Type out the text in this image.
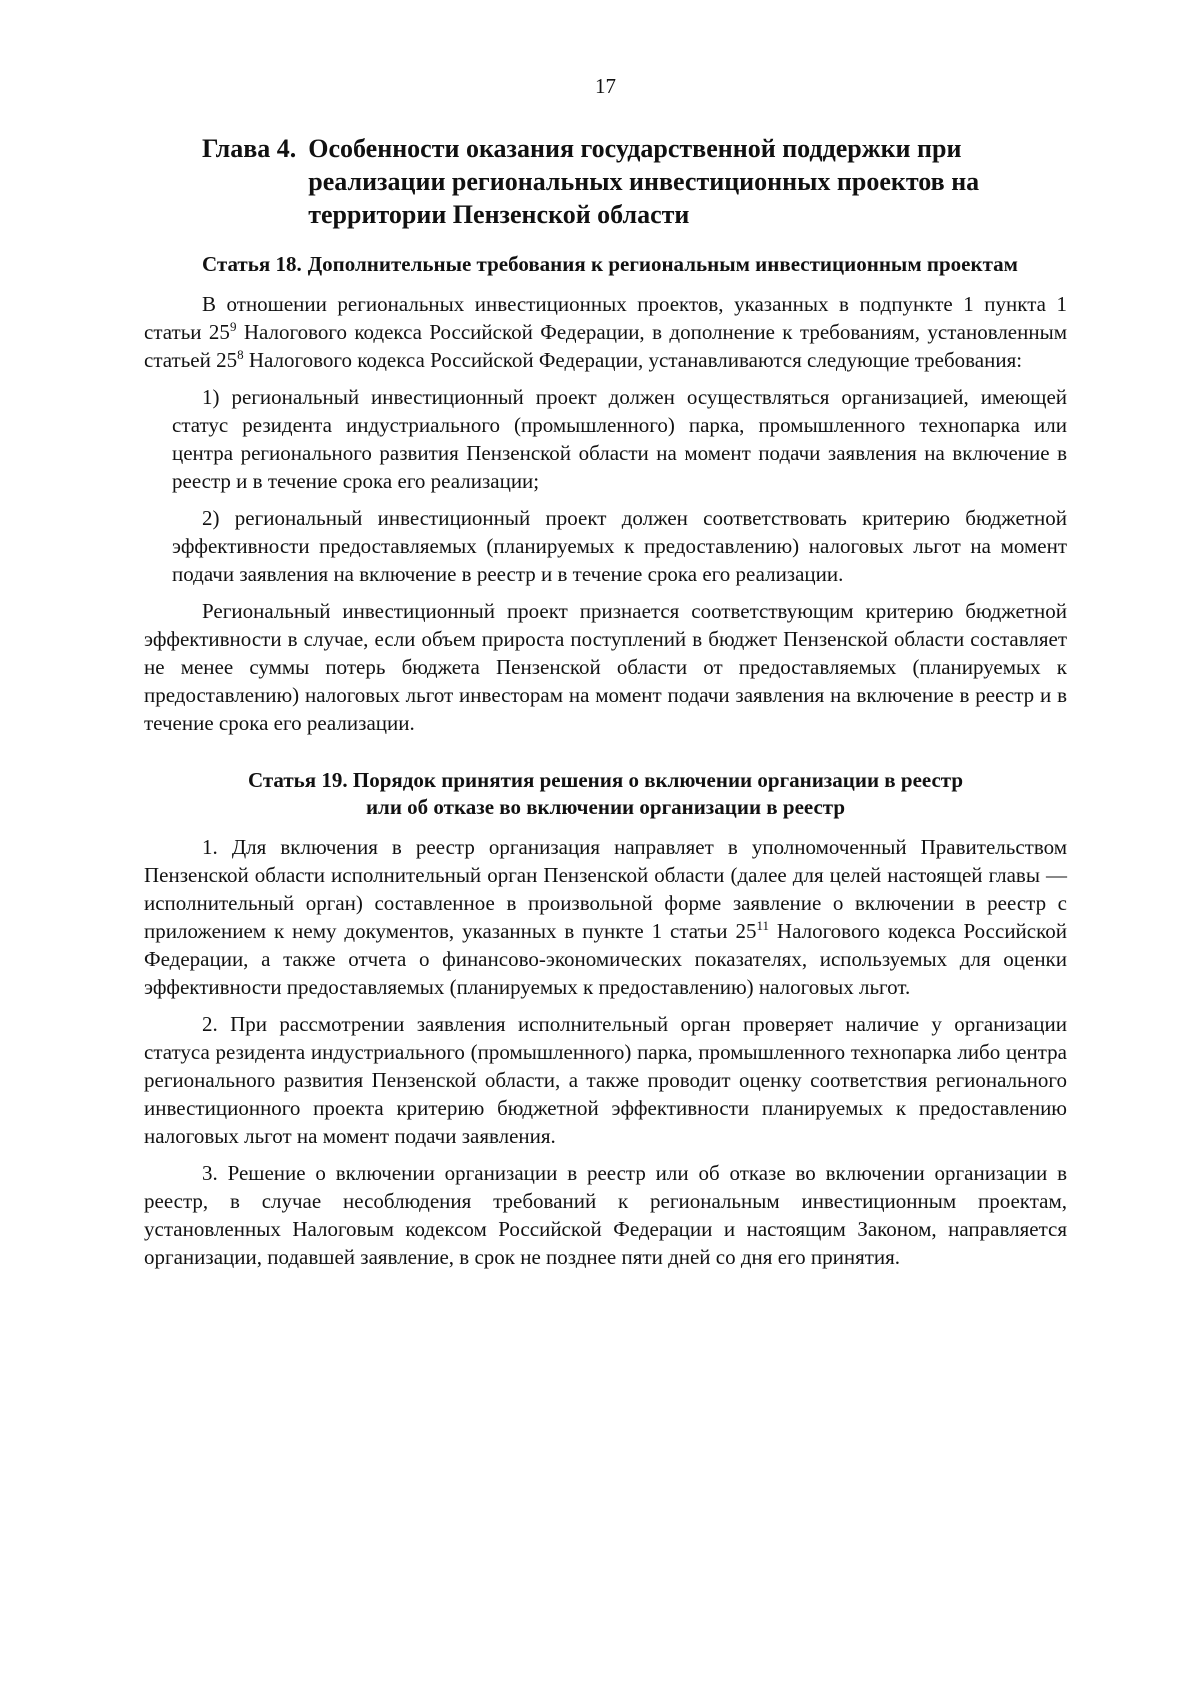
17
Глава 4. Особенности оказания государственной поддержки при реализации региональных инвестиционных проектов на территории Пензенской области
Статья 18. Дополнительные требования к региональным инвестиционным проектам

В отношении региональных инвестиционных проектов, указанных в подпункте 1 пункта 1 статьи $25^9$ Налогового кодекса Российской Федерации, в дополнение к требованиям, установленным статьей $25^8$ Налогового кодекса Российской Федерации, устанавливаются следующие требования:

1) региональный инвестиционный проект должен осуществляться организацией, имеющей статус резидента индустриального (промышленного) парка, промышленного технопарка или центра регионального развития Пензенской области на момент подачи заявления на включение в реестр и в течение срока его реализации;

2) региональный инвестиционный проект должен соответствовать критерию бюджетной эффективности предоставляемых (планируемых к предоставлению) налоговых льгот на момент подачи заявления на включение в реестр и в течение срока его реализации.

Региональный инвестиционный проект признается соответствующим критерию бюджетной эффективности в случае, если объем прироста поступлений в бюджет Пензенской области составляет не менее суммы потерь бюджета Пензенской области от предоставляемых (планируемых к предоставлению) налоговых льгот инвесторам на момент подачи заявления на включение в реестр и в течение срока его реализации.

Статья 19. Порядок принятия решения о включении организации в реестр
или об отказе во включении организации в реестр

1. Для включения в реестр организация направляет в уполномоченный Правительством Пензенской области исполнительный орган Пензенской области (далее для целей настоящей главы — исполнительный орган) составленное в произвольной форме заявление о включении в реестр с приложением к нему документов, указанных в пункте 1 статьи $25^{11}$ Налогового кодекса Российской Федерации, а также отчета о финансово-экономических показателях, используемых для оценки эффективности предоставляемых (планируемых к предоставлению) налоговых льгот.

2. При рассмотрении заявления исполнительный орган проверяет наличие у организации статуса резидента индустриального (промышленного) парка, промышленного технопарка либо центра регионального развития Пензенской области, а также проводит оценку соответствия регионального инвестиционного проекта критерию бюджетной эффективности планируемых к предоставлению налоговых льгот на момент подачи заявления.

3. Решение о включении организации в реестр или об отказе во включении организации в реестр, в случае несоблюдения требований к региональным инвестиционным проектам, установленных Налоговым кодексом Российской Федерации и настоящим Законом, направляется организации, подавшей заявление, в срок не позднее пяти дней со дня его принятия.
